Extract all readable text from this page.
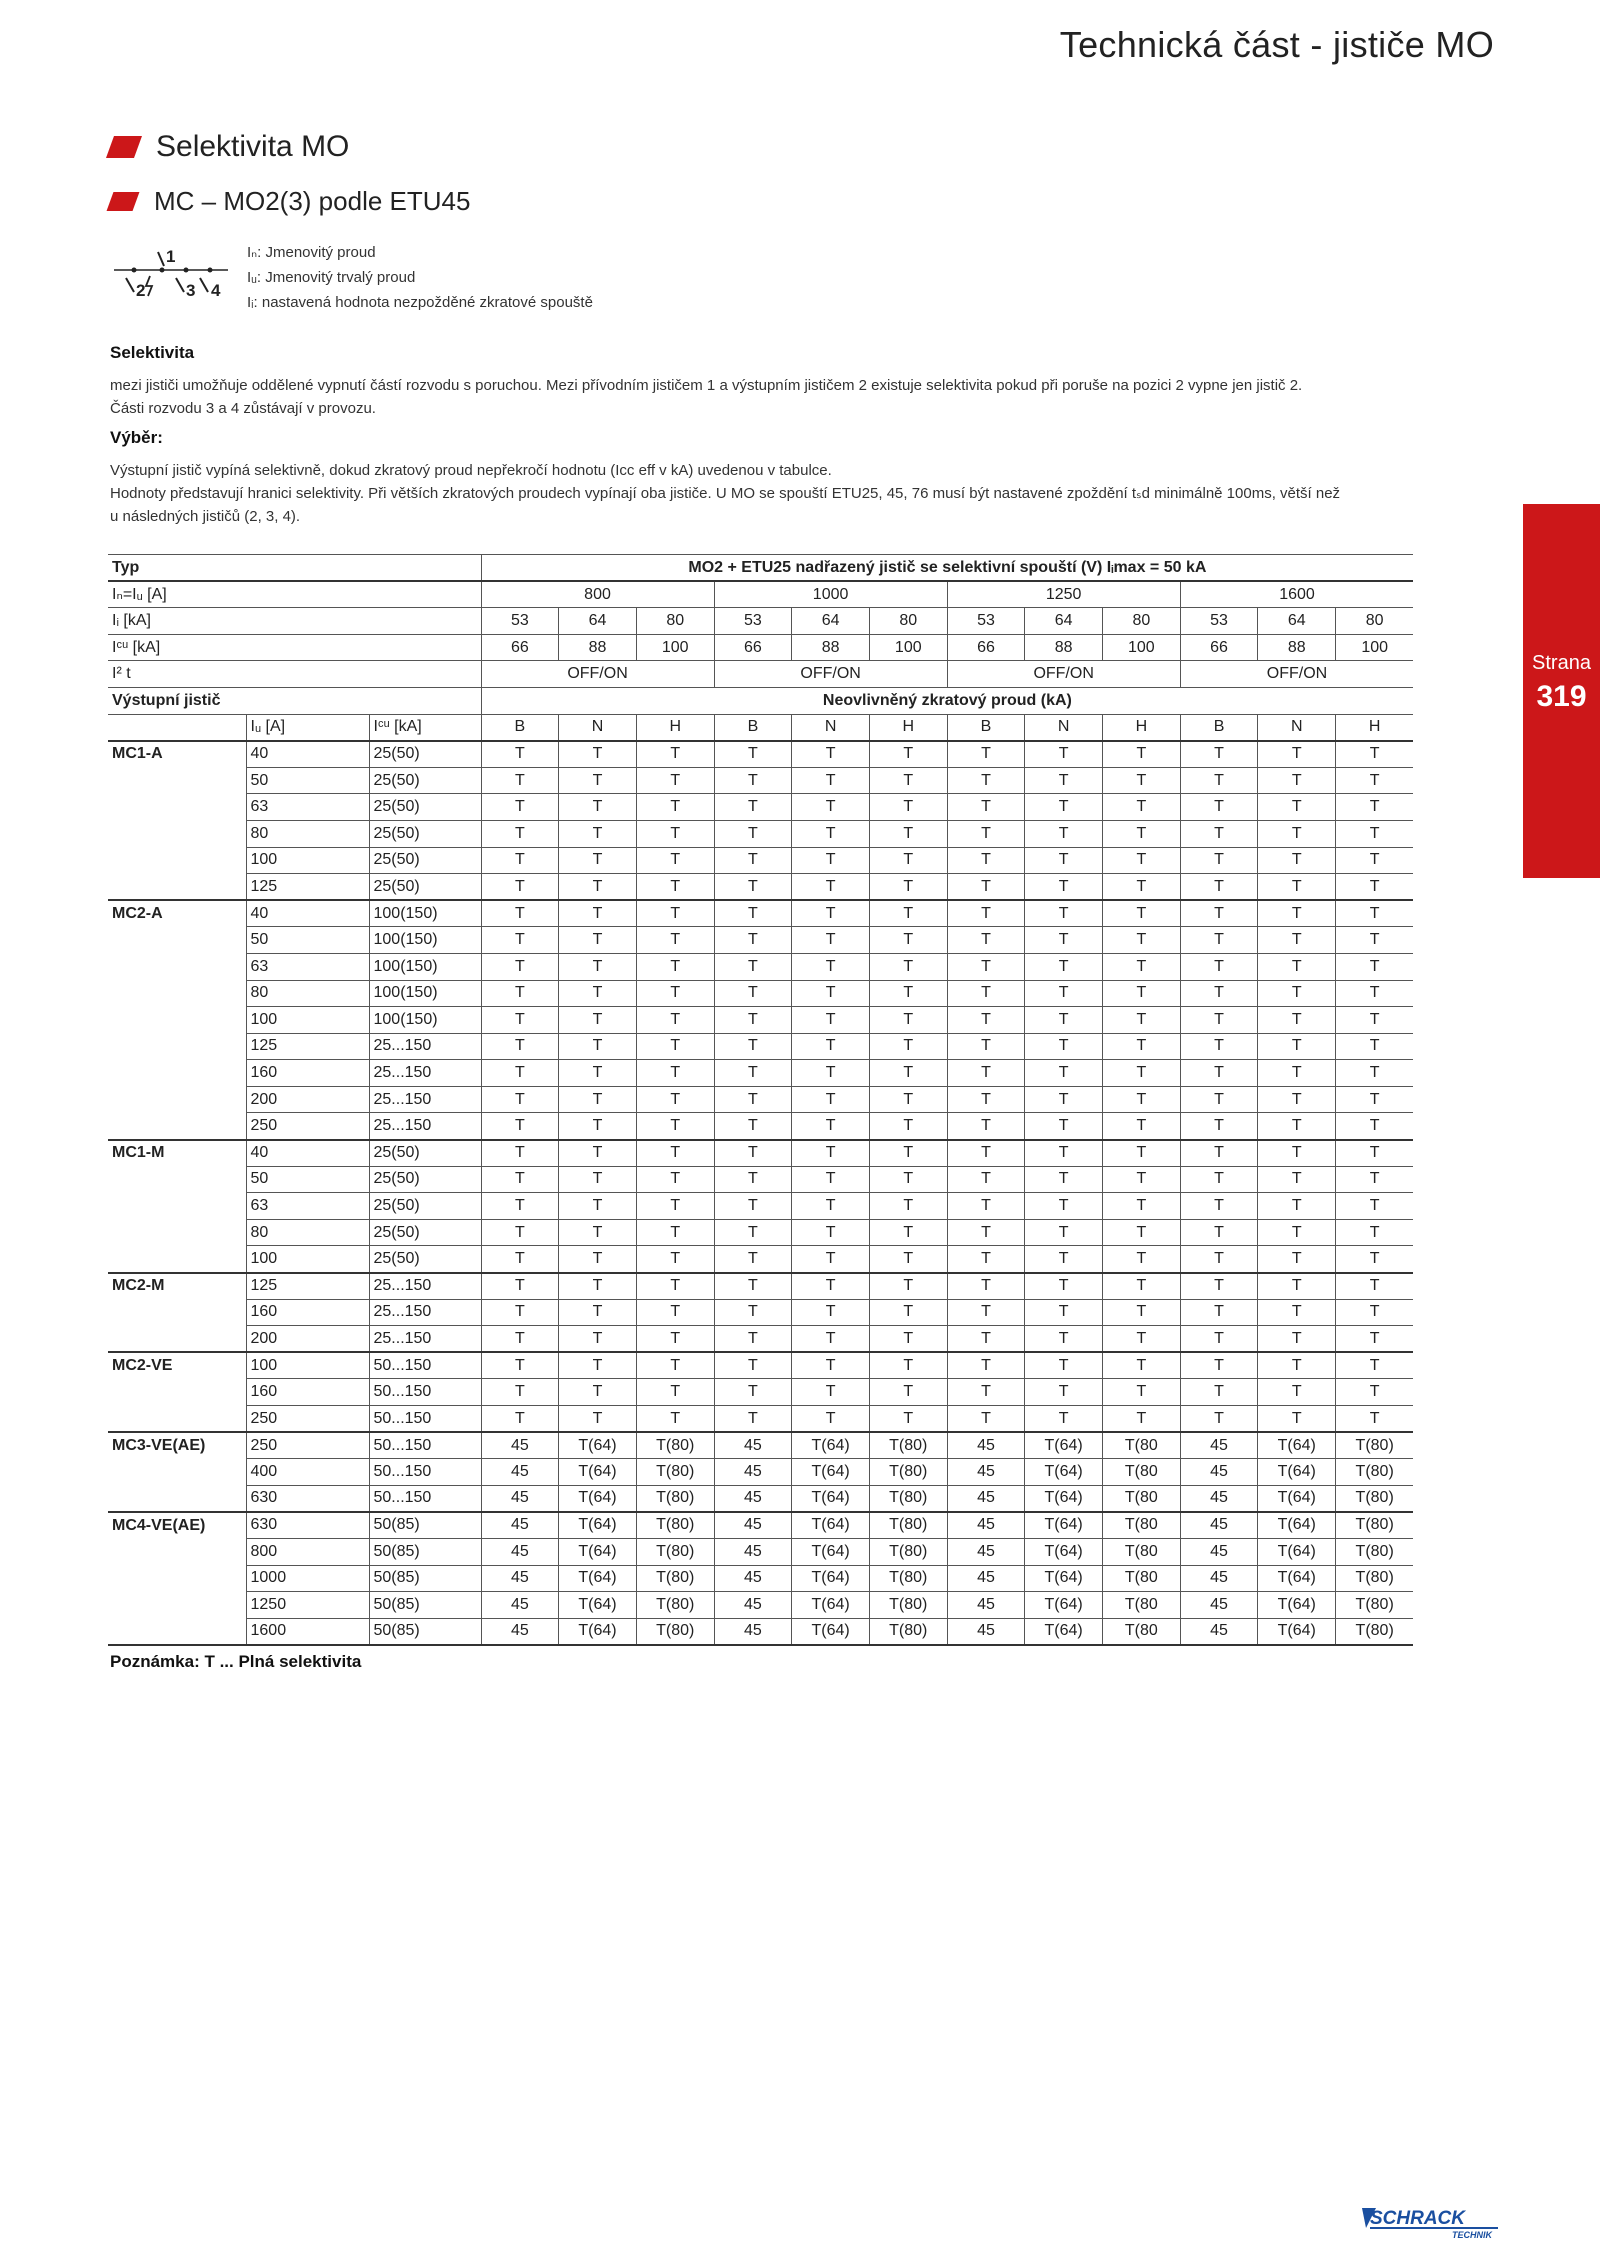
Technická část - jističe MO
Strana
319
Selektivita MO
MC – MO2(3) podle ETU45
1
2 3 4
Iₙ: Jmenovitý proud
Iᵤ: Jmenovitý trvalý proud
Iᵢ: nastavená hodnota nezpožděné zkratové spouště
Selektivita
mezi jističi umožňuje oddělené vypnutí částí rozvodu s poruchou. Mezi přívodním jističem 1 a výstupním jističem 2 existuje selektivita pokud při poruše na pozici 2 vypne jen jistič 2.
Části rozvodu 3 a 4 zůstávají v provozu.
Výběr:
Výstupní jistič vypíná selektivně, dokud zkratový proud nepřekročí hodnotu (Icc eff v kA) uvedenou v tabulce.
Hodnoty představují hranici selektivity. Při větších zkratových proudech vypínají oba jističe. U MO se spouští ETU25, 45, 76 musí být nastavené zpoždění tₛd minimálně 100ms, větší než
u následných jističů (2, 3, 4).
Typ			MO2 + ETU25 nadřazený jistič se selektivní spouští (V) Iᵢmax = 50 kA											
Iₙ=Iᵤ [A]			800			1000			1250			1600		
Iᵢ [kA]			53	64	80	53	64	80	53	64	80	53	64	80
Iᶜᵘ [kA]			66	88	100	66	88	100	66	88	100	66	88	100
I² t			OFF/ON			OFF/ON			OFF/ON			OFF/ON		
Výstupní jistič			Neovlivněný zkratový proud (kA)											
	Iᵤ [A]	Iᶜᵘ [kA]	B	N	H	B	N	H	B	N	H	B	N	H
MC1-A	40	25(50)	T	T	T	T	T	T	T	T	T	T	T	T
	50	25(50)	T	T	T	T	T	T	T	T	T	T	T	T
	63	25(50)	T	T	T	T	T	T	T	T	T	T	T	T
	80	25(50)	T	T	T	T	T	T	T	T	T	T	T	T
	100	25(50)	T	T	T	T	T	T	T	T	T	T	T	T
	125	25(50)	T	T	T	T	T	T	T	T	T	T	T	T
MC2-A	40	100(150)	T	T	T	T	T	T	T	T	T	T	T	T
	50	100(150)	T	T	T	T	T	T	T	T	T	T	T	T
	63	100(150)	T	T	T	T	T	T	T	T	T	T	T	T
	80	100(150)	T	T	T	T	T	T	T	T	T	T	T	T
	100	100(150)	T	T	T	T	T	T	T	T	T	T	T	T
	125	25...150	T	T	T	T	T	T	T	T	T	T	T	T
	160	25...150	T	T	T	T	T	T	T	T	T	T	T	T
	200	25...150	T	T	T	T	T	T	T	T	T	T	T	T
	250	25...150	T	T	T	T	T	T	T	T	T	T	T	T
MC1-M	40	25(50)	T	T	T	T	T	T	T	T	T	T	T	T
	50	25(50)	T	T	T	T	T	T	T	T	T	T	T	T
	63	25(50)	T	T	T	T	T	T	T	T	T	T	T	T
	80	25(50)	T	T	T	T	T	T	T	T	T	T	T	T
	100	25(50)	T	T	T	T	T	T	T	T	T	T	T	T
MC2-M	125	25...150	T	T	T	T	T	T	T	T	T	T	T	T
	160	25...150	T	T	T	T	T	T	T	T	T	T	T	T
	200	25...150	T	T	T	T	T	T	T	T	T	T	T	T
MC2-VE	100	50...150	T	T	T	T	T	T	T	T	T	T	T	T
	160	50...150	T	T	T	T	T	T	T	T	T	T	T	T
	250	50...150	T	T	T	T	T	T	T	T	T	T	T	T
MC3-VE(AE)	250	50...150	45	T(64)	T(80)	45	T(64)	T(80)	45	T(64)	T(80	45	T(64)	T(80)
	400	50...150	45	T(64)	T(80)	45	T(64)	T(80)	45	T(64)	T(80	45	T(64)	T(80)
	630	50...150	45	T(64)	T(80)	45	T(64)	T(80)	45	T(64)	T(80	45	T(64)	T(80)
MC4-VE(AE)	630	50(85)	45	T(64)	T(80)	45	T(64)	T(80)	45	T(64)	T(80	45	T(64)	T(80)
	800	50(85)	45	T(64)	T(80)	45	T(64)	T(80)	45	T(64)	T(80	45	T(64)	T(80)
	1000	50(85)	45	T(64)	T(80)	45	T(64)	T(80)	45	T(64)	T(80	45	T(64)	T(80)
	1250	50(85)	45	T(64)	T(80)	45	T(64)	T(80)	45	T(64)	T(80	45	T(64)	T(80)
	1600	50(85)	45	T(64)	T(80)	45	T(64)	T(80)	45	T(64)	T(80	45	T(64)	T(80)
Poznámka: T ... Plná selektivita
SCHRACK
TECHNIK
